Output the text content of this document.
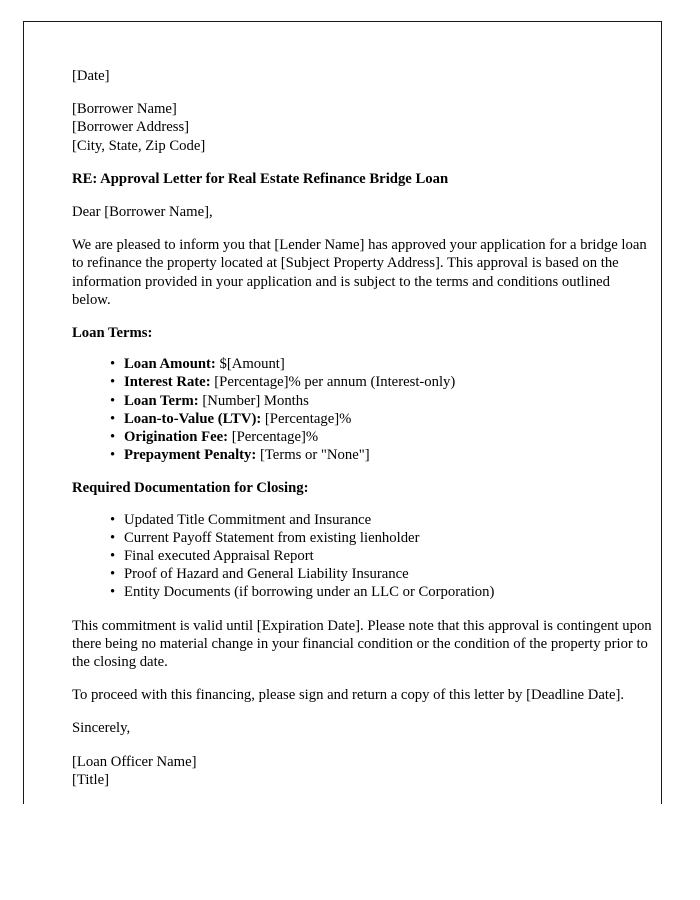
[Date]
[Borrower Name]
[Borrower Address]
[City, State, Zip Code]
RE: Approval Letter for Real Estate Refinance Bridge Loan

Dear [Borrower Name],

We are pleased to inform you that [Lender Name] has approved your application for a bridge loan to refinance the property located at [Subject Property Address]. This approval is based on the information provided in your application and is subject to the terms and conditions outlined below.

Loan Terms:
• Loan Amount: $[Amount]
• Interest Rate: [Percentage]% per annum (Interest-only)
• Loan Term: [Number] Months
• Loan-to-Value (LTV): [Percentage]%
• Origination Fee: [Percentage]%
• Prepayment Penalty: [Terms or "None"]
Required Documentation for Closing:
• Updated Title Commitment and Insurance
• Current Payoff Statement from existing lienholder
• Final executed Appraisal Report
• Proof of Hazard and General Liability Insurance
• Entity Documents (if borrowing under an LLC or Corporation)

This commitment is valid until [Expiration Date]. Please note that this approval is contingent upon there being no material change in your financial condition or the condition of the property prior to the closing date.

To proceed with this financing, please sign and return a copy of this letter by [Deadline Date].

Sincerely,

[Loan Officer Name]
[Title]
